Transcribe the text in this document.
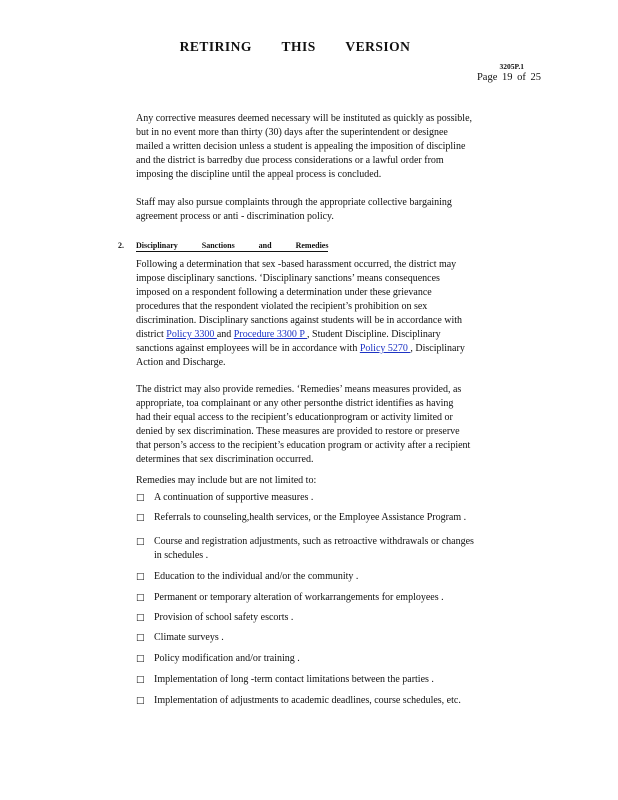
RETIRING THIS VERSION
3205P.1
Page 19 of 25

Any corrective measures deemed necessary will be instituted as quickly as possible,

but in no event more than thirty (30) days after the superintendent or designee

mailed a written decision unless a student is appealing the imposition of discipline

and the district is barredby due process considerations or a lawful order from

imposing the discipline until the appeal process is concluded.

Staff may also pursue complaints through the appropriate collective bargaining

agreement process or anti - discrimination policy.

2. Disciplinary Sanctions and Remedies

Following a determination that sex -based harassment occurred, the district may

impose disciplinary sanctions. ‘Disciplinary sanctions’ means consequences

imposed on a respondent following a determination under these grievance

procedures that the respondent violated the recipient’s prohibition on sex

discrimination. Disciplinary sanctions against students will be in accordance with

district Policy 3300 and Procedure 3300 P , Student Discipline. Disciplinary

sanctions against employees will be in accordance with Policy 5270 , Disciplinary

Action and Discharge.

The district may also provide remedies. ‘Remedies’ means measures provided, as

appropriate, toa complainant or any other personthe district identifies as having

had their equal access to the recipient’s educationprogram or activity limited or

denied by sex discrimination. These measures are provided to restore or preserve

that person’s access to the recipient’s education program or activity after a recipient

determines that sex discrimination occurred.

Remedies may include but are not limited to:

□ A continuation of supportive measures .
□ Referrals to counseling,health services, or the Employee Assistance Program .
□ Course and registration adjustments, such as retroactive withdrawals or changes
in schedules .
□ Education to the individual and/or the community .
□ Permanent or temporary alteration of workarrangements for employees .
□ Provision of school safety escorts .
□ Climate surveys .
□ Policy modification and/or training .
□ Implementation of long -term contact limitations between the parties .
□ Implementation of adjustments to academic deadlines, course schedules, etc.
